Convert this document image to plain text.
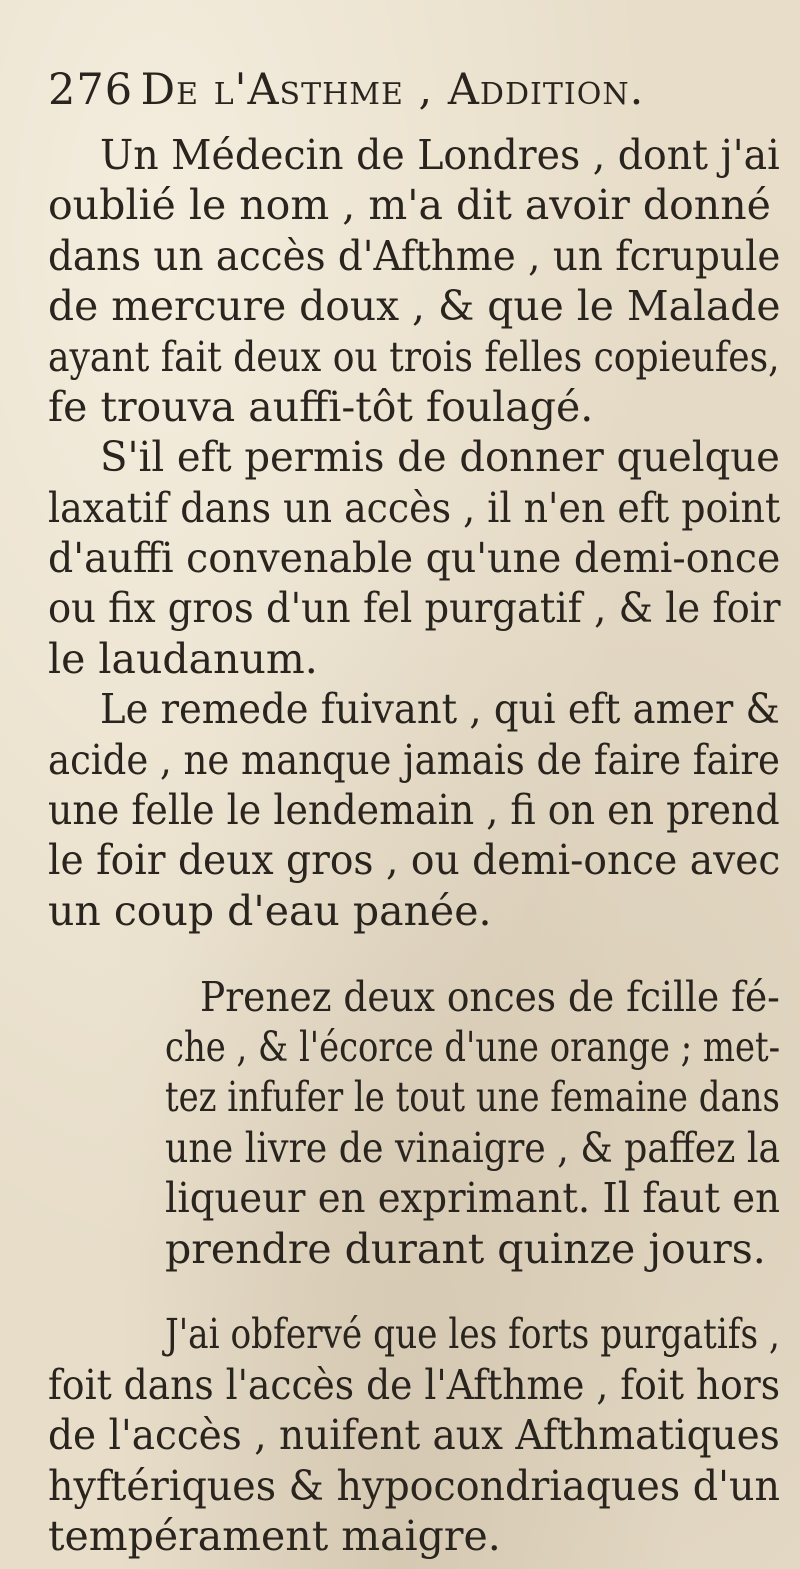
276 De l'Asthme , Addition.
Un Médecin de Londres , dont j'ai
oublié le nom , m'a dit avoir donné
dans un accès d'Afthme , un fcrupule
de mercure doux , & que le Malade
ayant fait deux ou trois felles copieufes,
fe trouva auffi-tôt foulagé.
S'il eft permis de donner quelque
laxatif dans un accès , il n'en eft point
d'auffi convenable qu'une demi-once
ou fix gros d'un fel purgatif , & le foir
le laudanum.
Le remede fuivant , qui eft amer &
acide , ne manque jamais de faire faire
une felle le lendemain , fi on en prend
le foir deux gros , ou demi-once avec
un coup d'eau panée.
Prenez deux onces de fcille fé-
che , & l'écorce d'une orange ; met-
tez infufer le tout une femaine dans
une livre de vinaigre , & paffez la
liqueur en exprimant. Il faut en
prendre durant quinze jours.
J'ai obfervé que les forts purgatifs ,
foit dans l'accès de l'Afthme , foit hors
de l'accès , nuifent aux Afthmatiques
hyftériques & hypocondriaques d'un
tempérament maigre.
